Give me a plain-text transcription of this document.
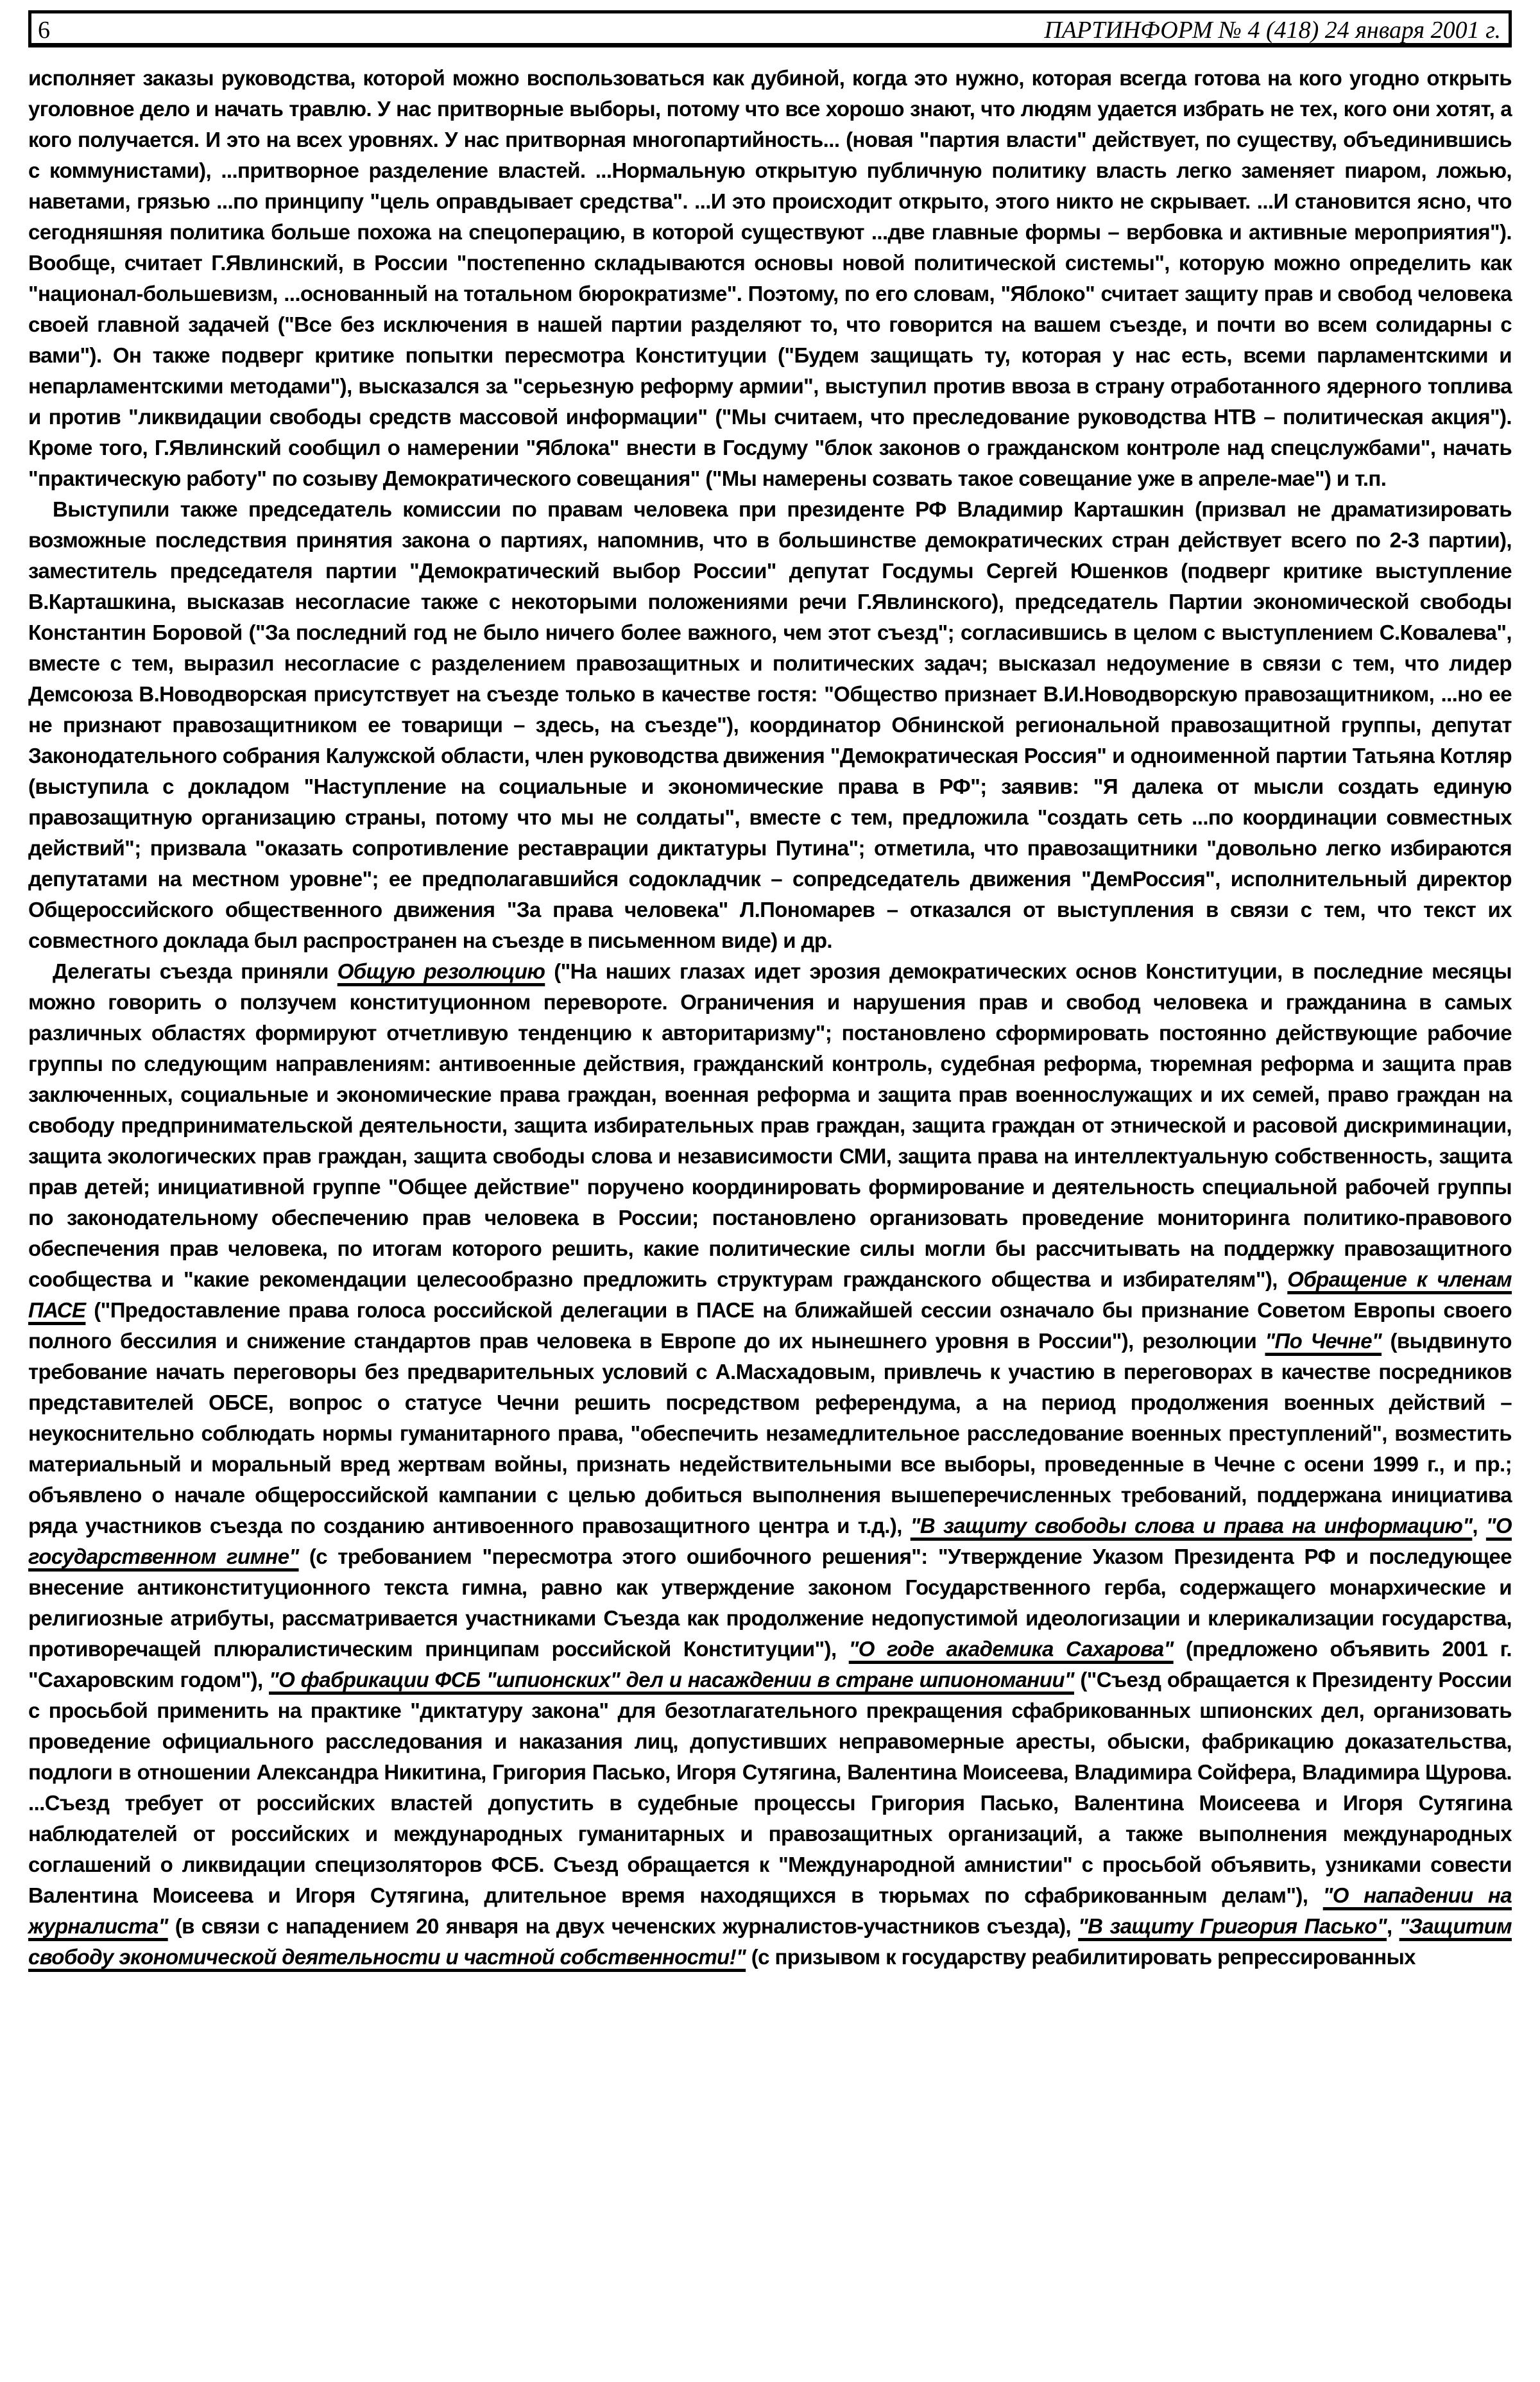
6	ПАРТИНФОРМ № 4 (418) 24 января 2001 г.

исполняет заказы руководства, которой можно воспользоваться как дубиной, когда это нужно, которая всегда готова на кого угодно открыть уголовное дело и начать травлю. У нас притворные выборы, потому что все хорошо знают, что людям удается избрать не тех, кого они хотят, а кого получается. И это на всех уровнях. У нас притворная многопартийность... (новая "партия власти" действует, по существу, объединившись с коммунистами), ...притворное разделение властей. ...Нормальную открытую публичную политику власть легко заменяет пиаром, ложью, наветами, грязью ...по принципу "цель оправдывает средства". ...И это происходит открыто, этого никто не скрывает. ...И становится ясно, что сегодняшняя политика больше похожа на спецоперацию, в которой существуют ...две главные формы – вербовка и активные мероприятия"). Вообще, считает Г.Явлинский, в России "постепенно складываются основы новой политической системы", которую можно определить как "национал-большевизм, ...основанный на тотальном бюрократизме". Поэтому, по его словам, "Яблоко" считает защиту прав и свобод человека своей главной задачей ("Все без исключения в нашей партии разделяют то, что говорится на вашем съезде, и почти во всем солидарны с вами"). Он также подверг критике попытки пересмотра Конституции ("Будем защищать ту, которая у нас есть, всеми парламентскими и непарламентскими методами"), высказался за "серьезную реформу армии", выступил против ввоза в страну отработанного ядерного топлива и против "ликвидации свободы средств массовой информации" ("Мы считаем, что преследование руководства НТВ – политическая акция"). Кроме того, Г.Явлинский сообщил о намерении "Яблока" внести в Госдуму "блок законов о гражданском контроле над спецслужбами", начать "практическую работу" по созыву Демократического совещания" ("Мы намерены созвать такое совещание уже в апреле-мае") и т.п.

Выступили также председатель комиссии по правам человека при президенте РФ Владимир Карташкин (призвал не драматизировать возможные последствия принятия закона о партиях, напомнив, что в большинстве демократических стран действует всего по 2-3 партии), заместитель председателя партии "Демократический выбор России" депутат Госдумы Сергей Юшенков (подверг критике выступление В.Карташкина, высказав несогласие также с некоторыми положениями речи Г.Явлинского), председатель Партии экономической свободы Константин Боровой ("За последний год не было ничего более важного, чем этот съезд"; согласившись в целом с выступлением С.Ковалева", вместе с тем, выразил несогласие с разделением правозащитных и политических задач; высказал недоумение в связи с тем, что лидер Демсоюза В.Новодворская присутствует на съезде только в качестве гостя: "Общество признает В.И.Новодворскую правозащитником, ...но ее не признают правозащитником ее товарищи – здесь, на съезде"), координатор Обнинской региональной правозащитной группы, депутат Законодательного собрания Калужской области, член руководства движения "Демократическая Россия" и одноименной партии Татьяна Котляр (выступила с докладом "Наступление на социальные и экономические права в РФ"; заявив: "Я далека от мысли создать единую правозащитную организацию страны, потому что мы не солдаты", вместе с тем, предложила "создать сеть ...по координации совместных действий"; призвала "оказать сопротивление реставрации диктатуры Путина"; отметила, что правозащитники "довольно легко избираются депутатами на местном уровне"; ее предполагавшийся содокладчик – сопредседатель движения "ДемРоссия", исполнительный директор Общероссийского общественного движения "За права человека" Л.Пономарев – отказался от выступления в связи с тем, что текст их совместного доклада был распространен на съезде в письменном виде) и др.

Делегаты съезда приняли Общую резолюцию ("На наших глазах идет эрозия демократических основ Конституции, в последние месяцы можно говорить о ползучем конституционном перевороте. Ограничения и нарушения прав и свобод человека и гражданина в самых различных областях формируют отчетливую тенденцию к авторитаризму"; постановлено сформировать постоянно действующие рабочие группы по следующим направлениям: антивоенные действия, гражданский контроль, судебная реформа, тюремная реформа и защита прав заключенных, социальные и экономические права граждан, военная реформа и защита прав военнослужащих и их семей, право граждан на свободу предпринимательской деятельности, защита избирательных прав граждан, защита граждан от этнической и расовой дискриминации, защита экологических прав граждан, защита свободы слова и независимости СМИ, защита права на интеллектуальную собственность, защита прав детей; инициативной группе "Общее действие" поручено координировать формирование и деятельность специальной рабочей группы по законодательному обеспечению прав человека в России; постановлено организовать проведение мониторинга политико-правового обеспечения прав человека, по итогам которого решить, какие политические силы могли бы рассчитывать на поддержку правозащитного сообщества и "какие рекомендации целесообразно предложить структурам гражданского общества и избирателям"), Обращение к членам ПАСЕ ("Предоставление права голоса российской делегации в ПАСЕ на ближайшей сессии означало бы признание Советом Европы своего полного бессилия и снижение стандартов прав человека в Европе до их нынешнего уровня в России"), резолюции "По Чечне" (выдвинуто требование начать переговоры без предварительных условий с А.Масхадовым, привлечь к участию в переговорах в качестве посредников представителей ОБСЕ, вопрос о статусе Чечни решить посредством референдума, а на период продолжения военных действий – неукоснительно соблюдать нормы гуманитарного права, "обеспечить незамедлительное расследование военных преступлений", возместить материальный и моральный вред жертвам войны, признать недействительными все выборы, проведенные в Чечне с осени 1999 г., и пр.; объявлено о начале общероссийской кампании с целью добиться выполнения вышеперечисленных требований, поддержана инициатива ряда участников съезда по созданию антивоенного правозащитного центра и т.д.), "В защиту свободы слова и права на информацию", "О государственном гимне" (с требованием "пересмотра этого ошибочного решения": "Утверждение Указом Президента РФ и последующее внесение антиконституционного текста гимна, равно как утверждение законом Государственного герба, содержащего монархические и религиозные атрибуты, рассматривается участниками Съезда как продолжение недопустимой идеологизации и клерикализации государства, противоречащей плюралистическим принципам российской Конституции"), "О годе академика Сахарова" (предложено объявить 2001 г. "Сахаровским годом"), "О фабрикации ФСБ "шпионских" дел и насаждении в стране шпиономании" ("Съезд обращается к Президенту России с просьбой применить на практике "диктатуру закона" для безотлагательного прекращения сфабрикованных шпионских дел, организовать проведение официального расследования и наказания лиц, допустивших неправомерные аресты, обыски, фабрикацию доказательства, подлоги в отношении Александра Никитина, Григория Пасько, Игоря Сутягина, Валентина Моисеева, Владимира Сойфера, Владимира Щурова. ...Съезд требует от российских властей допустить в судебные процессы Григория Пасько, Валентина Моисеева и Игоря Сутягина наблюдателей от российских и международных гуманитарных и правозащитных организаций, а также выполнения международных соглашений о ликвидации специзоляторов ФСБ. Съезд обращается к "Международной амнистии" с просьбой объявить, узниками совести Валентина Моисеева и Игоря Сутягина, длительное время находящихся в тюрьмах по сфабрикованным делам"), "О нападении на журналиста" (в связи с нападением 20 января на двух чеченских журналистов-участников съезда), "В защиту Григория Пасько", "Защитим свободу экономической деятельности и частной собственности!" (с призывом к государству реабилитировать репрессированных
